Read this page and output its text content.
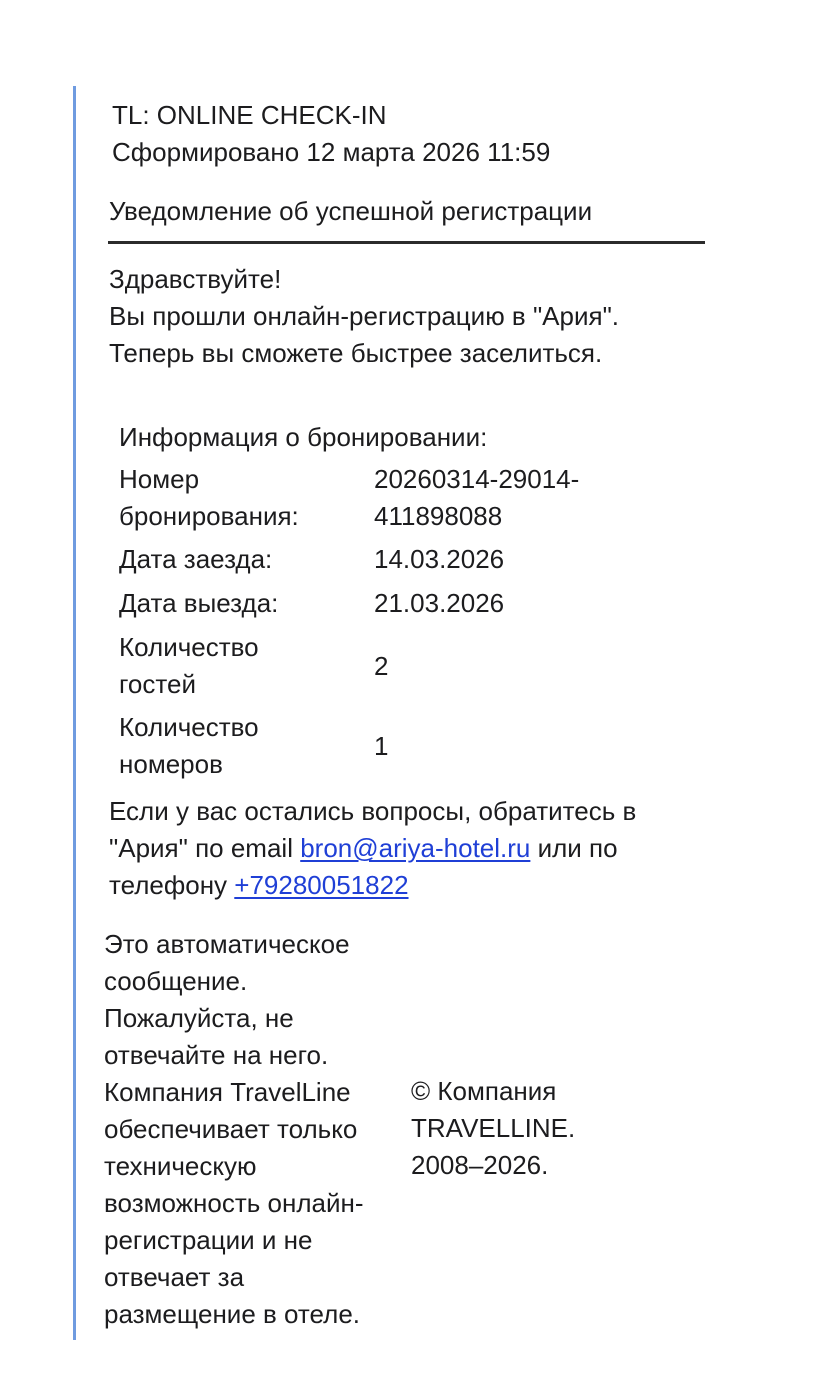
TL: ONLINE CHECK-IN
Сформировано 12 марта 2026 11:59
Уведомление об успешной регистрации
Здравствуйте!
Вы прошли онлайн-регистрацию в "Ария".
Теперь вы сможете быстрее заселиться.
Информация о бронировании:
Номер
бронирования:
20260314-29014-
411898088
Дата заезда:	14.03.2026
Дата выезда:	21.03.2026
Количество
гостей
2
Количество
номеров
1
Если у вас остались вопросы, обратитесь в
"Ария" по email bron@ariya-hotel.ru или по
телефону +79280051822
Это автоматическое
сообщение.
Пожалуйста, не
отвечайте на него.
Компания TravelLine
обеспечивает только
техническую
возможность онлайн-
регистрации и не
отвечает за
размещение в отеле.
© Компания
TRAVELLINE.
2008–2026.
